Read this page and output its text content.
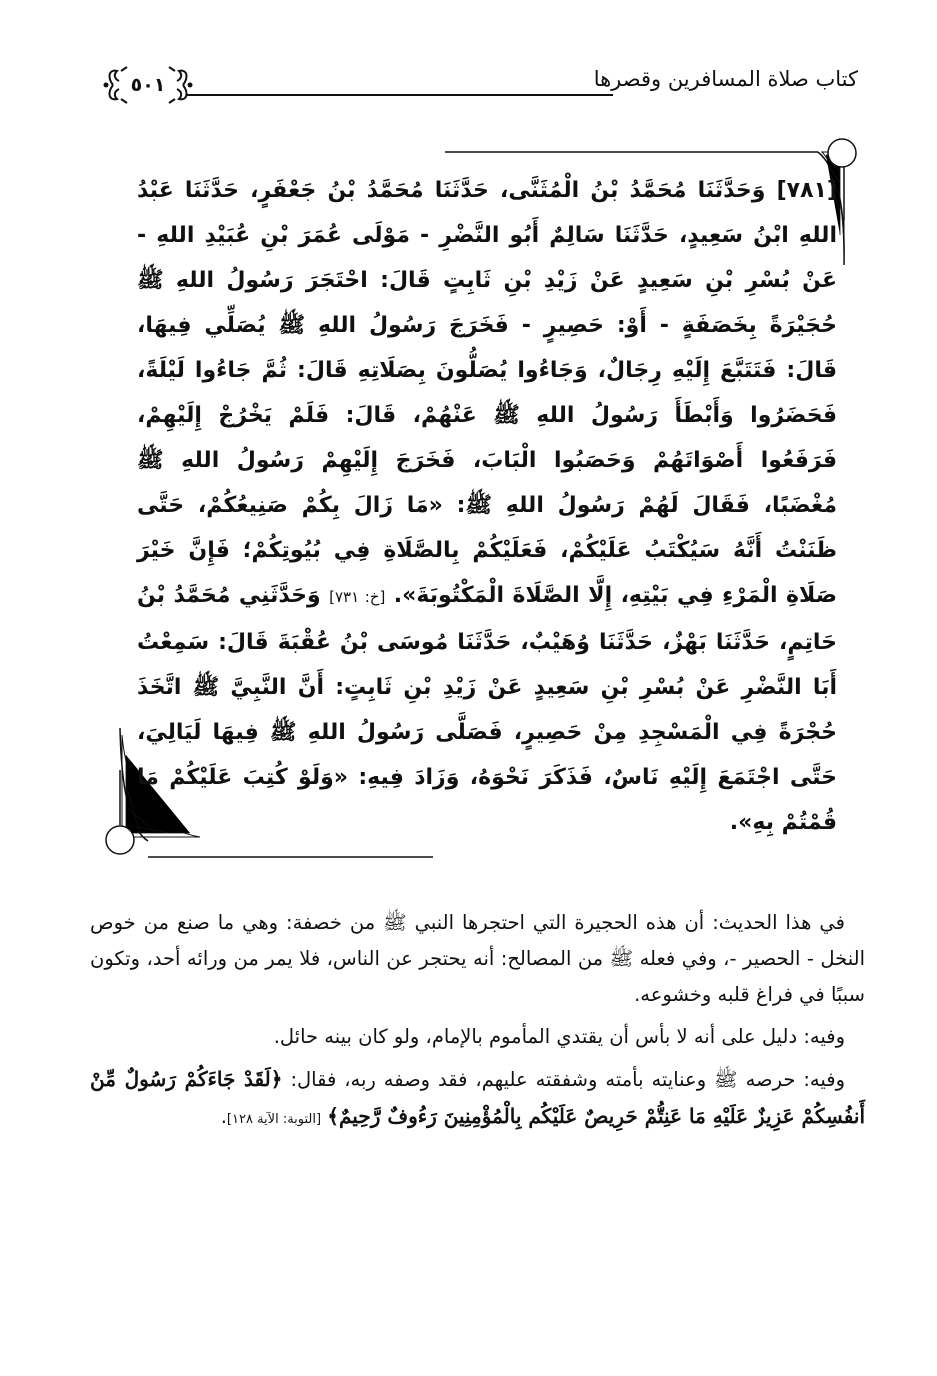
كتاب صلاة المسافرين وقصرها
٥٠١

[٧٨١] وَحَدَّثَنَا مُحَمَّدُ بْنُ الْمُثَنَّى، حَدَّثَنَا مُحَمَّدُ بْنُ جَعْفَرٍ، حَدَّثَنَا عَبْدُ اللهِ ابْنُ سَعِيدٍ، حَدَّثَنَا سَالِمٌ أَبُو النَّضْرِ - مَوْلَى عُمَرَ بْنِ عُبَيْدِ اللهِ - عَنْ بُسْرِ بْنِ سَعِيدٍ عَنْ زَيْدِ بْنِ ثَابِتٍ قَالَ: احْتَجَرَ رَسُولُ اللهِ ﷺ حُجَيْرَةً بِخَصَفَةٍ - أَوْ: حَصِيرٍ - فَخَرَجَ رَسُولُ اللهِ ﷺ يُصَلِّي فِيهَا، قَالَ: فَتَتَبَّعَ إِلَيْهِ رِجَالٌ، وَجَاءُوا يُصَلُّونَ بِصَلَاتِهِ قَالَ: ثُمَّ جَاءُوا لَيْلَةً، فَحَضَرُوا وَأَبْطَأَ رَسُولُ اللهِ ﷺ عَنْهُمْ، قَالَ: فَلَمْ يَخْرُجْ إِلَيْهِمْ، فَرَفَعُوا أَصْوَاتَهُمْ وَحَصَبُوا الْبَابَ، فَخَرَجَ إِلَيْهِمْ رَسُولُ اللهِ ﷺ مُغْضَبًا، فَقَالَ لَهُمْ رَسُولُ اللهِ ﷺ: «مَا زَالَ بِكُمْ صَنِيعُكُمْ، حَتَّى ظَنَنْتُ أَنَّهُ سَيُكْتَبُ عَلَيْكُمْ، فَعَلَيْكُمْ بِالصَّلَاةِ فِي بُيُوتِكُمْ؛ فَإِنَّ خَيْرَ صَلَاةِ الْمَرْءِ فِي بَيْتِهِ، إِلَّا الصَّلَاةَ الْمَكْتُوبَةَ». [خ: ٧٣١] وَحَدَّثَنِي مُحَمَّدُ بْنُ حَاتِمٍ، حَدَّثَنَا بَهْزٌ، حَدَّثَنَا وُهَيْبٌ، حَدَّثَنَا مُوسَى بْنُ عُقْبَةَ قَالَ: سَمِعْتُ أَبَا النَّضْرِ عَنْ بُسْرِ بْنِ سَعِيدٍ عَنْ زَيْدِ بْنِ ثَابِتٍ: أَنَّ النَّبِيَّ ﷺ اتَّخَذَ حُجْرَةً فِي الْمَسْجِدِ مِنْ حَصِيرٍ، فَصَلَّى رَسُولُ اللهِ ﷺ فِيهَا لَيَالِيَ، حَتَّى اجْتَمَعَ إِلَيْهِ نَاسٌ، فَذَكَرَ نَحْوَهُ، وَزَادَ فِيهِ: «وَلَوْ كُتِبَ عَلَيْكُمْ مَا قُمْتُمْ بِهِ».

في هذا الحديث: أن هذه الحجيرة التي احتجرها النبي ﷺ من خصفة: وهي ما صنع من خوص النخل - الحصير -، وفي فعله ﷺ من المصالح: أنه يحتجر عن الناس، فلا يمر من ورائه أحد، وتكون سببًا في فراغ قلبه وخشوعه.

وفيه: دليل على أنه لا بأس أن يقتدي المأموم بالإمام، ولو كان بينه حائل.

وفيه: حرصه ﷺ وعنايته بأمته وشفقته عليهم، فقد وصفه ربه، فقال: ﴿لَقَدْ جَاءَكُمْ رَسُولٌ مِّنْ أَنفُسِكُمْ عَزِيزٌ عَلَيْهِ مَا عَنِتُّمْ حَرِيصٌ عَلَيْكُم بِالْمُؤْمِنِينَ رَءُوفٌ رَّحِيمٌ﴾ [التوبة: الآية ١٢٨].
